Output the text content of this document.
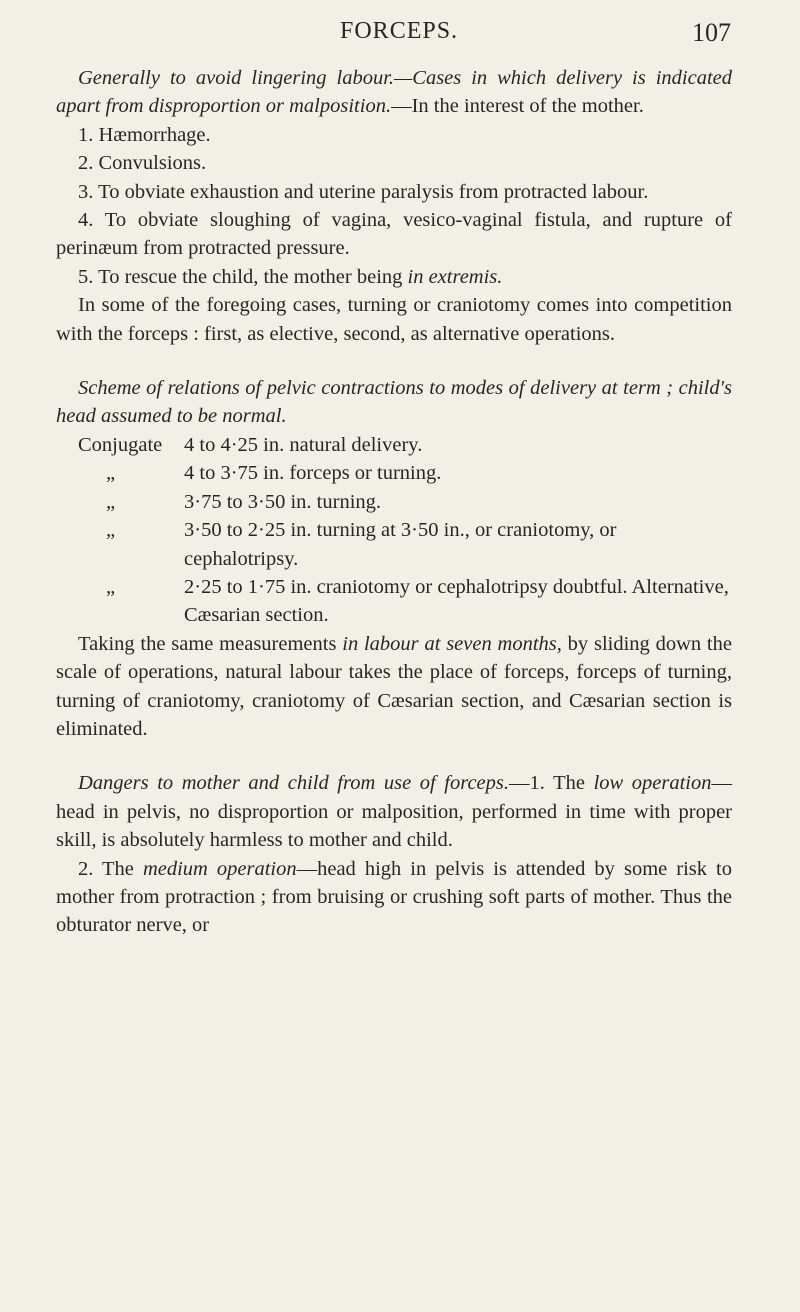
FORCEPS.	107

Generally to avoid lingering labour.—Cases in which delivery is indicated apart from disproportion or malposition.—In the interest of the mother.

1. Hæmorrhage.

2. Convulsions.

3. To obviate exhaustion and uterine paralysis from protracted labour.

4. To obviate sloughing of vagina, vesico-vaginal fistula, and rupture of perinæum from protracted pressure.

5. To rescue the child, the mother being in extremis.

In some of the foregoing cases, turning or craniotomy comes into competition with the forceps : first, as elective, second, as alternative operations.

Scheme of relations of pelvic contractions to modes of delivery at term ; child's head assumed to be normal.

Conjugate	4 to 4·25 in. natural delivery.
„	4 to 3·75 in. forceps or turning.
„	3·75 to 3·50 in. turning.
„	3·50 to 2·25 in. turning at 3·50 in., or craniotomy, or cephalotripsy.
„	2·25 to 1·75 in. craniotomy or cephalotripsy doubtful. Alternative, Cæsarian section.

Taking the same measurements in labour at seven months, by sliding down the scale of operations, natural labour takes the place of forceps, forceps of turning, turning of craniotomy, craniotomy of Cæsarian section, and Cæsarian section is eliminated.

Dangers to mother and child from use of forceps.—1. The low operation—head in pelvis, no disproportion or malposition, performed in time with proper skill, is absolutely harmless to mother and child.

2. The medium operation—head high in pelvis is attended by some risk to mother from protraction ; from bruising or crushing soft parts of mother. Thus the obturator nerve, or
